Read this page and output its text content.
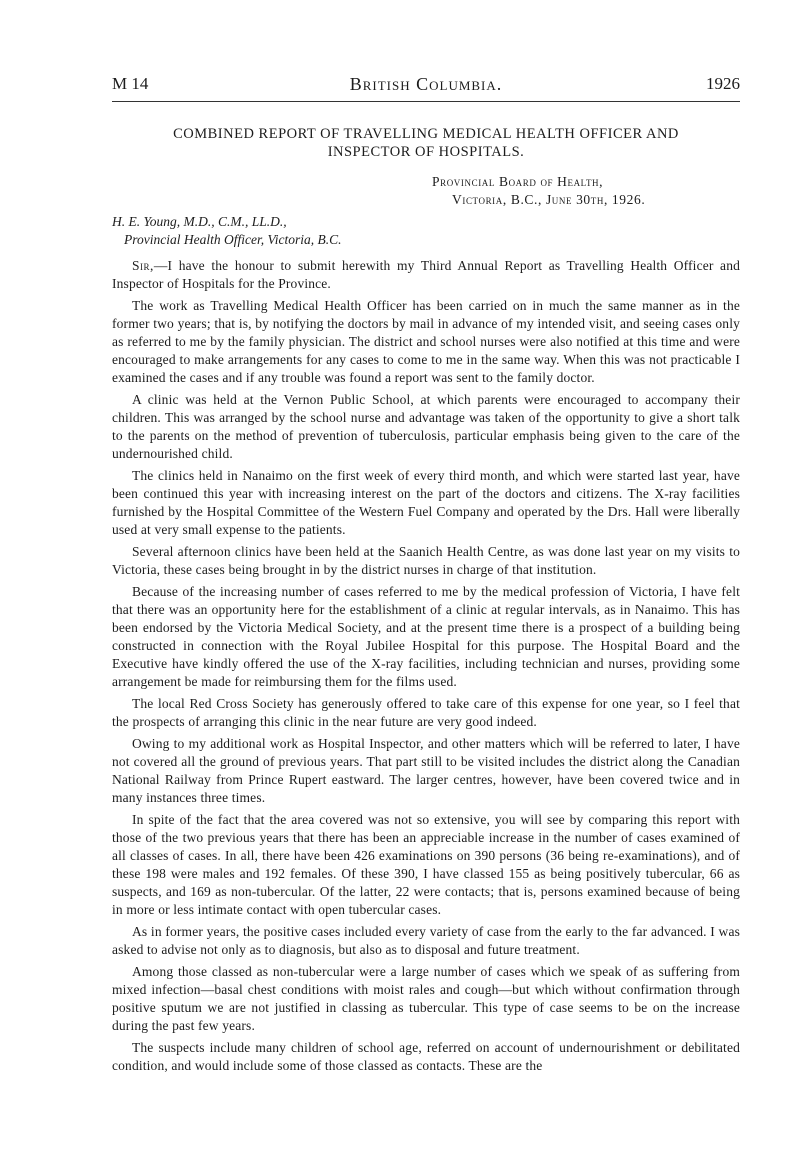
M 14	British Columbia.	1926

COMBINED REPORT OF TRAVELLING MEDICAL HEALTH OFFICER AND
INSPECTOR OF HOSPITALS.

Provincial Board of Health,
Victoria, B.C., June 30th, 1926.
H. E. Young, M.D., C.M., LL.D.,
Provincial Health Officer, Victoria, B.C.

Sir,—I have the honour to submit herewith my Third Annual Report as Travelling Health Officer and Inspector of Hospitals for the Province.

The work as Travelling Medical Health Officer has been carried on in much the same manner as in the former two years; that is, by notifying the doctors by mail in advance of my intended visit, and seeing cases only as referred to me by the family physician. The district and school nurses were also notified at this time and were encouraged to make arrangements for any cases to come to me in the same way. When this was not practicable I examined the cases and if any trouble was found a report was sent to the family doctor.

A clinic was held at the Vernon Public School, at which parents were encouraged to accompany their children. This was arranged by the school nurse and advantage was taken of the opportunity to give a short talk to the parents on the method of prevention of tuberculosis, particular emphasis being given to the care of the undernourished child.

The clinics held in Nanaimo on the first week of every third month, and which were started last year, have been continued this year with increasing interest on the part of the doctors and citizens. The X-ray facilities furnished by the Hospital Committee of the Western Fuel Company and operated by the Drs. Hall were liberally used at very small expense to the patients.

Several afternoon clinics have been held at the Saanich Health Centre, as was done last year on my visits to Victoria, these cases being brought in by the district nurses in charge of that institution.

Because of the increasing number of cases referred to me by the medical profession of Victoria, I have felt that there was an opportunity here for the establishment of a clinic at regular intervals, as in Nanaimo. This has been endorsed by the Victoria Medical Society, and at the present time there is a prospect of a building being constructed in connection with the Royal Jubilee Hospital for this purpose. The Hospital Board and the Executive have kindly offered the use of the X-ray facilities, including technician and nurses, providing some arrangement be made for reimbursing them for the films used.

The local Red Cross Society has generously offered to take care of this expense for one year, so I feel that the prospects of arranging this clinic in the near future are very good indeed.

Owing to my additional work as Hospital Inspector, and other matters which will be referred to later, I have not covered all the ground of previous years. That part still to be visited includes the district along the Canadian National Railway from Prince Rupert eastward. The larger centres, however, have been covered twice and in many instances three times.

In spite of the fact that the area covered was not so extensive, you will see by comparing this report with those of the two previous years that there has been an appreciable increase in the number of cases examined of all classes of cases. In all, there have been 426 examinations on 390 persons (36 being re-examinations), and of these 198 were males and 192 females. Of these 390, I have classed 155 as being positively tubercular, 66 as suspects, and 169 as non-tubercular. Of the latter, 22 were contacts; that is, persons examined because of being in more or less intimate contact with open tubercular cases.

As in former years, the positive cases included every variety of case from the early to the far advanced. I was asked to advise not only as to diagnosis, but also as to disposal and future treatment.

Among those classed as non-tubercular were a large number of cases which we speak of as suffering from mixed infection—basal chest conditions with moist rales and cough—but which without confirmation through positive sputum we are not justified in classing as tubercular. This type of case seems to be on the increase during the past few years.

The suspects include many children of school age, referred on account of undernourishment or debilitated condition, and would include some of those classed as contacts. These are the
